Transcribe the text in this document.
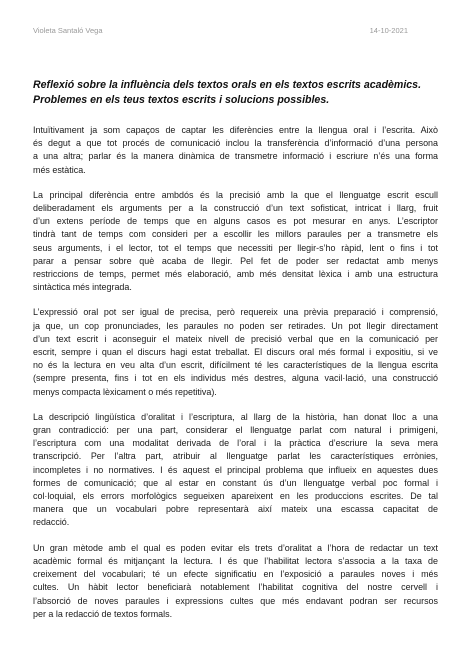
Violeta Santaló Vega	14-10-2021
Reflexió sobre la influència dels textos orals en els textos escrits acadèmics.
Problemes en els teus textos escrits i solucions possibles.
Intuïtivament ja som capaços de captar les diferències entre la llengua oral i l’escrita. Això
és degut a que tot procés de comunicació inclou la transferència d’informació d’una persona
a una altra; parlar és la manera dinàmica de transmetre informació i escriure n’és una forma
més estàtica.
La principal diferència entre ambdós és la precisió amb la que el llenguatge escrit escull
deliberadament els arguments per a la construcció d’un text sofisticat, intricat i llarg, fruit
d’un extens període de temps que en alguns casos es pot mesurar en anys. L’escriptor
tindrà tant de temps com consideri per a escollir les millors paraules per a transmetre els
seus arguments, i el lector, tot el temps que necessiti per llegir-s’ho ràpid, lent o fins i tot
parar a pensar sobre què acaba de llegir. Pel fet de poder ser redactat amb menys
restriccions de temps, permet més elaboració, amb més densitat lèxica i amb una estructura
sintàctica més integrada.
L’expressió oral pot ser igual de precisa, però requereix una prèvia preparació i comprensió,
ja que, un cop pronunciades, les paraules no poden ser retirades. Un pot llegir directament
d’un text escrit i aconseguir el mateix nivell de precisió verbal que en la comunicació per
escrit, sempre i quan el discurs hagi estat treballat. El discurs oral més formal i expositiu, si ve
no és la lectura en veu alta d’un escrit, difícilment té les característiques de la llengua escrita
(sempre presenta, fins i tot en els individus més destres, alguna vacil·lació, una construcció
menys compacta lèxicament o més repetitiva).
La descripció lingüística d’oralitat i l’escriptura, al llarg de la història, han donat lloc a una
gran contradicció: per una part, considerar el llenguatge parlat com natural i primigeni,
l’escriptura com una modalitat derivada de l’oral i la pràctica d’escriure la seva mera
transcripció. Per l’altra part, atribuir al llenguatge parlat les característiques errònies,
incompletes i no normatives. I és aquest el principal problema que influeix en aquestes dues
formes de comunicació; que al estar en constant ús d’un llenguatge verbal poc formal i
col·loquial, els errors morfològics segueixen apareixent en les produccions escrites. De tal
manera que un vocabulari pobre representarà així mateix una escassa capacitat de
redacció.
Un gran mètode amb el qual es poden evitar els trets d’oralitat a l’hora de redactar un text
acadèmic formal és mitjançant la lectura. I és que l’habilitat lectora s’associa a la taxa de
creixement del vocabulari; té un efecte significatiu en l’exposició a paraules noves i més
cultes. Un hàbit lector beneficiarà notablement l’habilitat cognitiva del nostre cervell i
l’absorció de noves paraules i expressions cultes que més endavant podran ser recursos
per a la redacció de textos formals.
